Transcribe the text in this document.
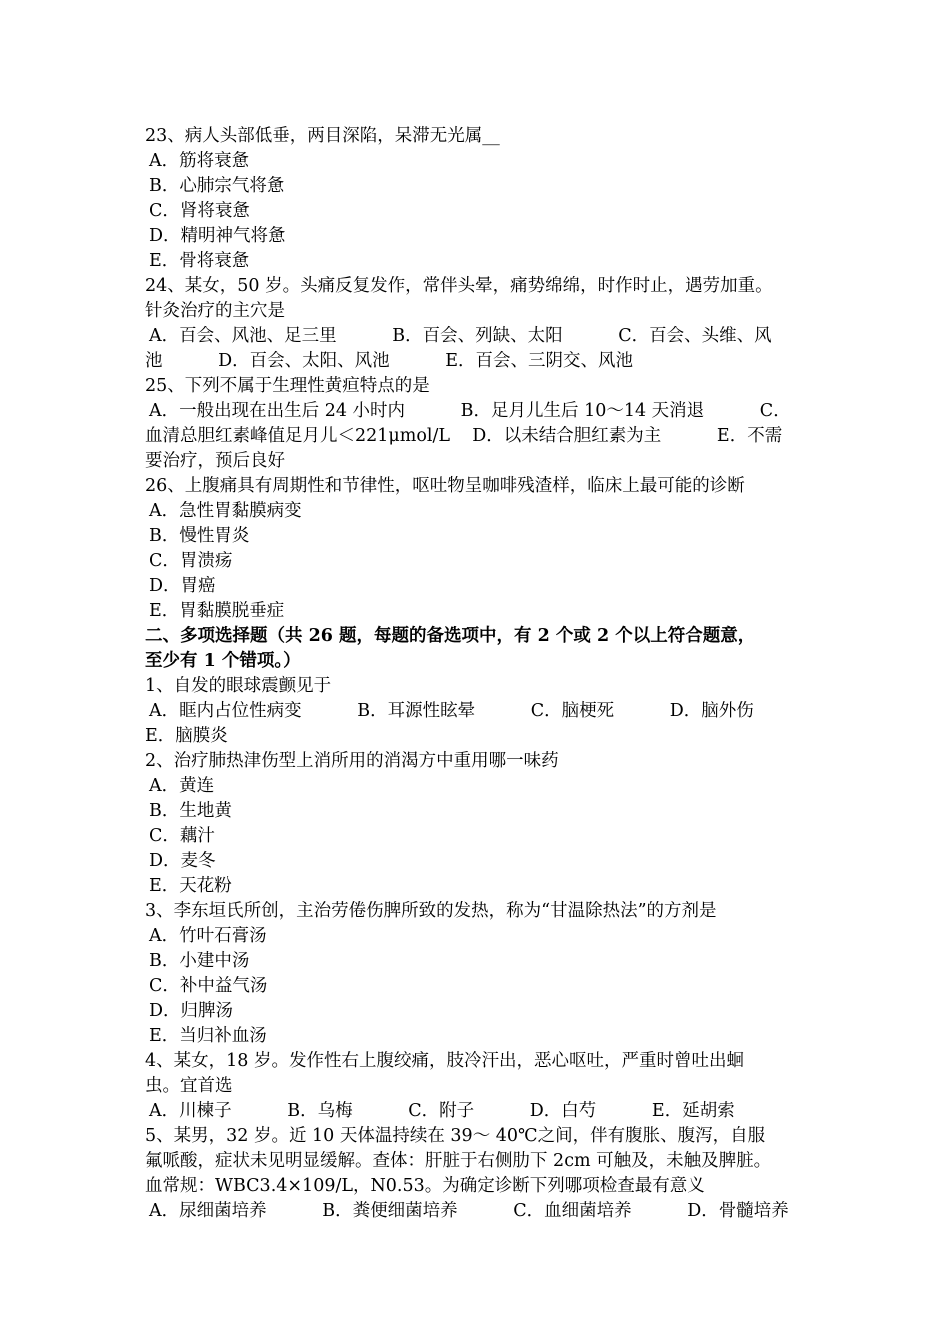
23、病人头部低垂，两目深陷，呆滞无光属__
A．筋将衰惫
B．心肺宗气将惫
C．肾将衰惫
D．精明神气将惫
E．骨将衰惫
24、某女，50 岁。头痛反复发作，常伴头晕，痛势绵绵，时作时止，遇劳加重。
针灸治疗的主穴是
A．百会、风池、足三里          B．百会、列缺、太阳          C．百会、头维、风
池          D．百会、太阳、风池          E．百会、三阴交、风池
25、下列不属于生理性黄疸特点的是
A．一般出现在出生后 24 小时内          B．足月儿生后 10～14 天消退          C．
血清总胆红素峰值足月儿＜221μmol/L    D．以未结合胆红素为主          E．不需
要治疗，预后良好
26、上腹痛具有周期性和节律性，呕吐物呈咖啡残渣样，临床上最可能的诊断
A．急性胃黏膜病变
B．慢性胃炎
C．胃溃疡
D．胃癌
E．胃黏膜脱垂症
二、多项选择题（共 26 题，每题的备选项中，有 2 个或 2 个以上符合题意，
至少有 1 个错项。）
1、自发的眼球震颤见于
A．眶内占位性病变          B．耳源性眩晕          C．脑梗死          D．脑外伤
E．脑膜炎
2、治疗肺热津伤型上消所用的消渴方中重用哪一味药
A．黄连
B．生地黄
C．藕汁
D．麦冬
E．天花粉
3、李东垣氏所创，主治劳倦伤脾所致的发热，称为“甘温除热法”的方剂是
A．竹叶石膏汤
B．小建中汤
C．补中益气汤
D．归脾汤
E．当归补血汤
4、某女，18 岁。发作性右上腹绞痛，肢冷汗出，恶心呕吐，严重时曾吐出蛔
虫。宜首选
A．川楝子          B．乌梅          C．附子          D．白芍          E．延胡索
5、某男，32 岁。近 10 天体温持续在 39～ 40℃之间，伴有腹胀、腹泻，自服
氟哌酸，症状未见明显缓解。查体：肝脏于右侧肋下 2cm 可触及，未触及脾脏。
血常规：WBC3.4×109/L，N0.53。为确定诊断下列哪项检查最有意义
A．尿细菌培养          B．粪便细菌培养          C．血细菌培养          D．骨髓培养
